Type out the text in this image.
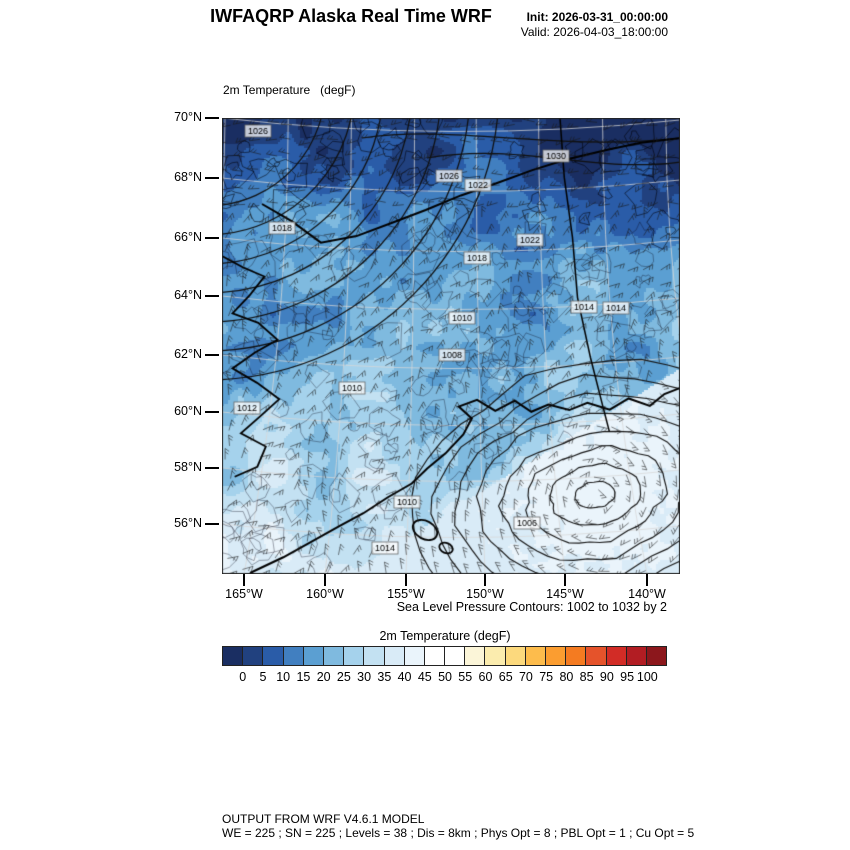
IWFAQRP Alaska Real Time WRF	Init: 2026-03-31_00:00:00
Valid: 2026-04-03_18:00:00

2m Temperature   (degF)

Sea Level Pressure Contours: 1002 to 1032 by 2
2m Temperature (degF)
OUTPUT FROM WRF V4.6.1 MODEL
WE = 225 ; SN = 225 ; Levels = 38 ; Dis = 8km ; Phys Opt = 8 ; PBL Opt = 1 ; Cu Opt = 5
70°N
68°N
66°N
64°N
62°N
60°N
58°N
56°N
165°W	160°W	155°W	150°W	145°W	140°W
0 5 10 15 20 25 30 35 40 45 50 55 60 65 70 75 80 85 90 95 100
